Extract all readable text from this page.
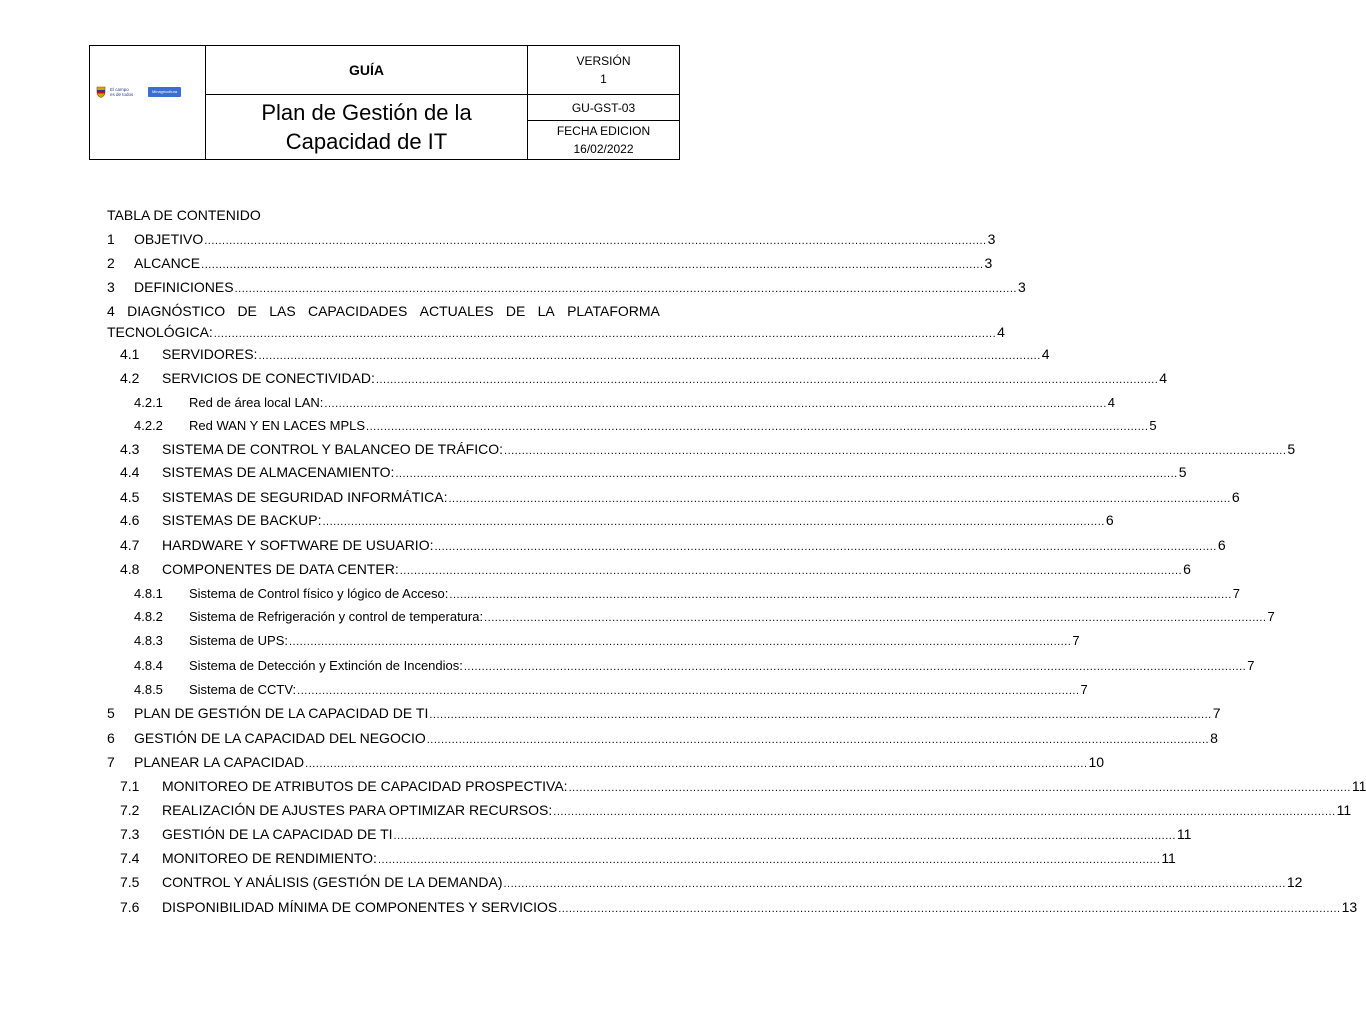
El campo
es de todos
Minagricultura
GUÍA
Plan de Gestión de la
Capacidad de IT
VERSIÓN
1
GU-GST-03
FECHA EDICION
16/02/2022
TABLA DE CONTENIDO
1	OBJETIVO ............................................................................................................................................................................................................................ 3
2	ALCANCE ............................................................................................................................................................................................................................ 3
3	DEFINICIONES ............................................................................................................................................................................................................................ 3
4 DIAGNÓSTICO DE LAS CAPACIDADES ACTUALES DE LA PLATAFORMA
TECNOLÓGICA: ............................................................................................................................................................................................................................ 4
4.1	SERVIDORES: ............................................................................................................................................................................................................................ 4
4.2	SERVICIOS DE CONECTIVIDAD: ............................................................................................................................................................................................................................ 4
4.2.1	Red de área local LAN: ............................................................................................................................................................................................................................ 4
4.2.2	Red WAN Y EN LACES MPLS ............................................................................................................................................................................................................................ 5
4.3	SISTEMA DE CONTROL Y BALANCEO DE TRÁFICO: ............................................................................................................................................................................................................................ 5
4.4	SISTEMAS DE ALMACENAMIENTO: ............................................................................................................................................................................................................................ 5
4.5	SISTEMAS DE SEGURIDAD INFORMÁTICA: ............................................................................................................................................................................................................................ 6
4.6	SISTEMAS DE BACKUP: ............................................................................................................................................................................................................................ 6
4.7	HARDWARE Y SOFTWARE DE USUARIO: ............................................................................................................................................................................................................................ 6
4.8	COMPONENTES DE DATA CENTER: ............................................................................................................................................................................................................................ 6
4.8.1	Sistema de Control físico y lógico de Acceso: ............................................................................................................................................................................................................................ 7
4.8.2	Sistema de Refrigeración y control de temperatura: ............................................................................................................................................................................................................................ 7
4.8.3	Sistema de UPS: ............................................................................................................................................................................................................................ 7
4.8.4	Sistema de Detección y Extinción de Incendios: ............................................................................................................................................................................................................................ 7
4.8.5	Sistema de CCTV: ............................................................................................................................................................................................................................ 7
5	PLAN DE GESTIÓN DE LA CAPACIDAD DE TI ............................................................................................................................................................................................................................ 7
6	GESTIÓN DE LA CAPACIDAD DEL NEGOCIO ............................................................................................................................................................................................................................ 8
7	PLANEAR LA CAPACIDAD ............................................................................................................................................................................................................................ 10
7.1	MONITOREO DE ATRIBUTOS DE CAPACIDAD PROSPECTIVA: ............................................................................................................................................................................................................................ 11
7.2	REALIZACIÓN DE AJUSTES PARA OPTIMIZAR RECURSOS: ............................................................................................................................................................................................................................ 11
7.3	GESTIÓN DE LA CAPACIDAD DE TI ............................................................................................................................................................................................................................ 11
7.4	MONITOREO DE RENDIMIENTO: ............................................................................................................................................................................................................................ 11
7.5	CONTROL Y ANÁLISIS (GESTIÓN DE LA DEMANDA) ............................................................................................................................................................................................................................ 12
7.6	DISPONIBILIDAD MÍNIMA DE COMPONENTES Y SERVICIOS ............................................................................................................................................................................................................................ 13
